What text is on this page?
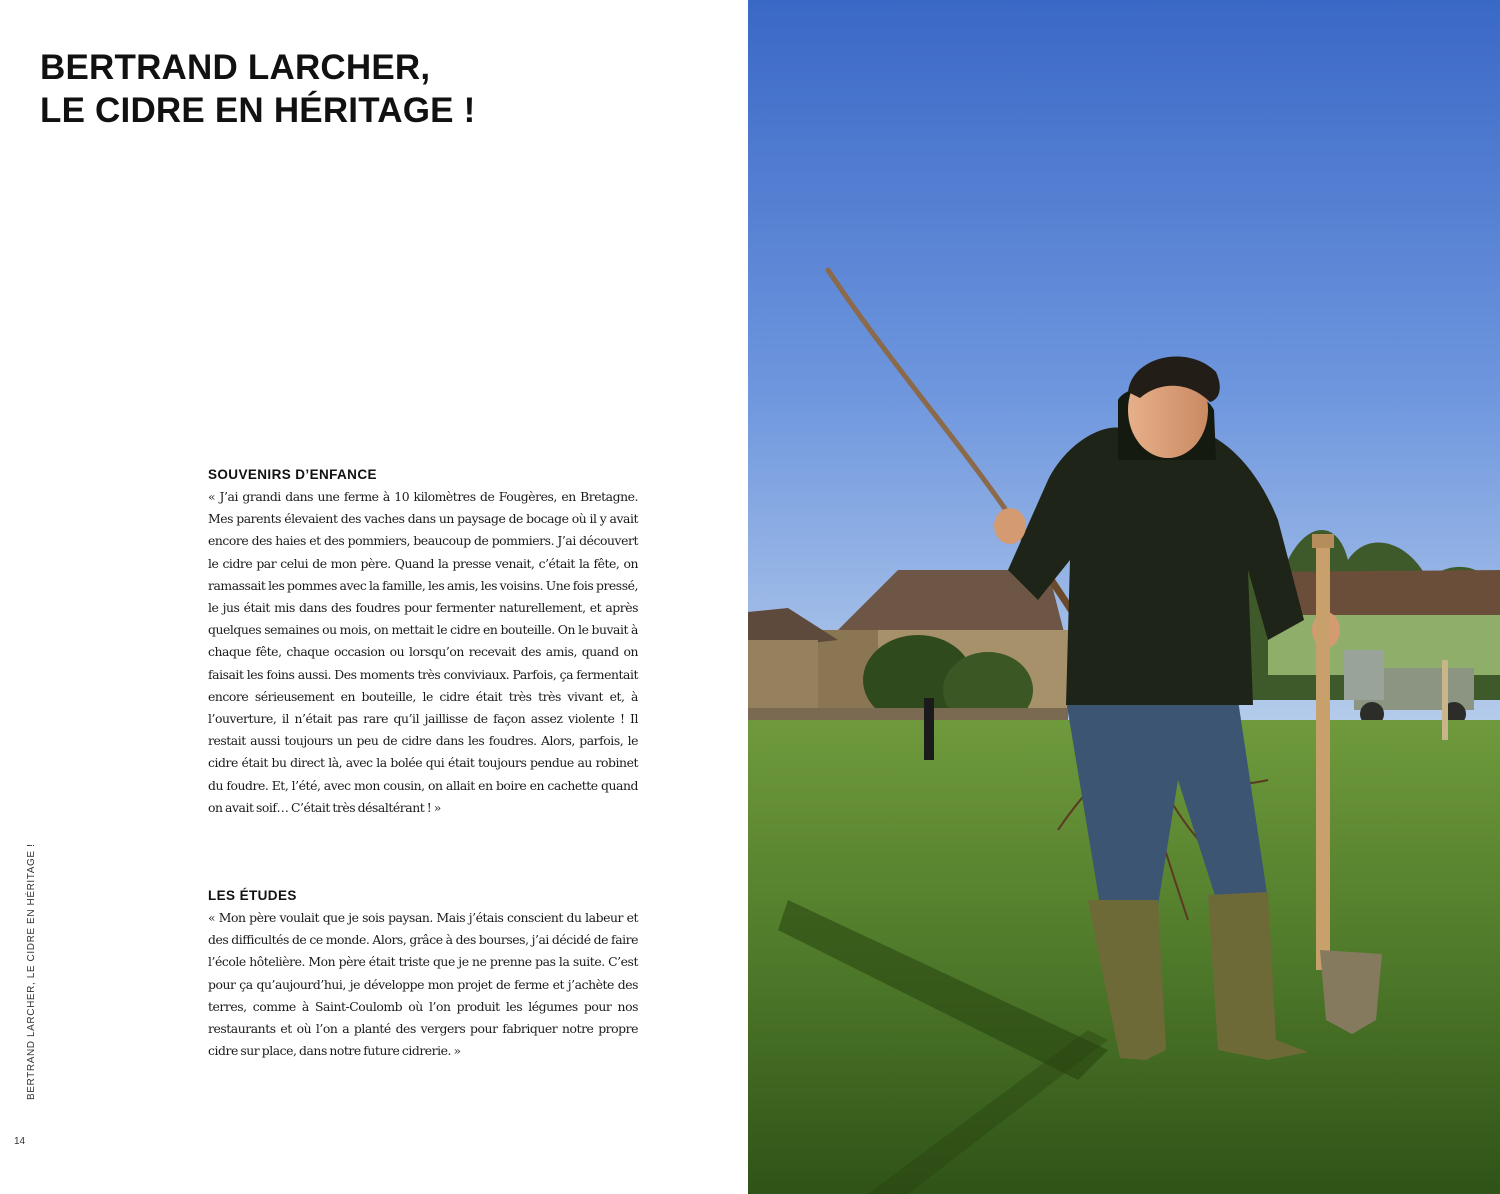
BERTRAND LARCHER,
LE CIDRE EN HÉRITAGE !
SOUVENIRS D’ENFANCE

« J’ai grandi dans une ferme à 10 kilomètres de Fougères, en Bretagne. Mes parents élevaient des vaches dans un paysage de bocage où il y avait encore des haies et des pommiers, beaucoup de pommiers. J’ai découvert le cidre par celui de mon père. Quand la presse venait, c’était la fête, on ramassait les pommes avec la famille, les amis, les voisins. Une fois pressé, le jus était mis dans des foudres pour fermenter naturellement, et après quelques semaines ou mois, on mettait le cidre en bouteille. On le buvait à chaque fête, chaque occasion ou lorsqu’on recevait des amis, quand on faisait les foins aussi. Des moments très conviviaux. Parfois, ça fermentait encore sérieusement en bouteille, le cidre était très très vivant et, à l’ouverture, il n’était pas rare qu’il jaillisse de façon assez violente ! Il restait aussi toujours un peu de cidre dans les foudres. Alors, parfois, le cidre était bu direct là, avec la bolée qui était toujours pendue au robinet du foudre. Et, l’été, avec mon cousin, on allait en boire en cachette quand on avait soif… C’était très désaltérant ! »

LES ÉTUDES

« Mon père voulait que je sois paysan. Mais j’étais conscient du labeur et des difficultés de ce monde. Alors, grâce à des bourses, j’ai décidé de faire l’école hôtelière. Mon père était triste que je ne prenne pas la suite. C’est pour ça qu’aujourd’hui, je développe mon projet de ferme et j’achète des terres, comme à Saint-Coulomb où l’on produit les légumes pour nos restaurants et où l’on a planté des vergers pour fabriquer notre propre cidre sur place, dans notre future cidrerie. »

BERTRAND LARCHER, LE CIDRE EN HÉRITAGE !
14
